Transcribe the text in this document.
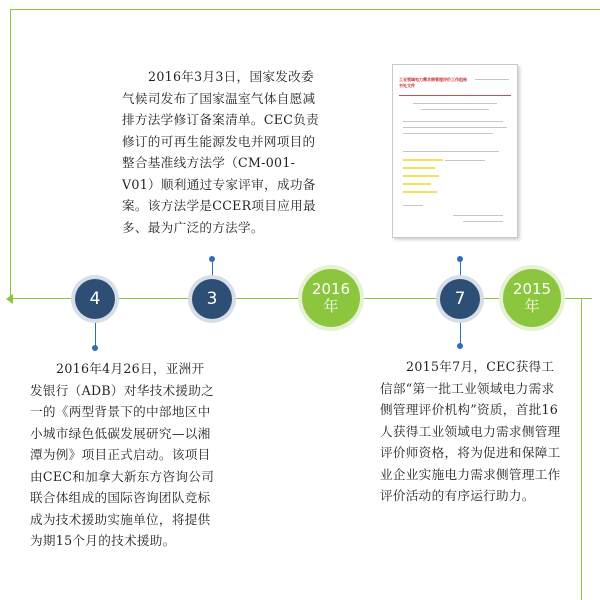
4	3	2016
年	7	2015
年
2016年3月3日，国家发改委气候司发布了国家温室气体自愿减排方法学修订备案清单。CEC负责修订的可再生能源发电并网项目的整合基准线方法学（CM-001-V01）顺利通过专家评审，成功备案。该方法学是CCER项目应用最多、最为广泛的方法学。
2016年4月26日，亚洲开发银行（ADB）对华技术援助之一的《两型背景下的中部地区中小城市绿色低碳发展研究—以湘潭为例》项目正式启动。该项目由CEC和加拿大新东方咨询公司联合体组成的国际咨询团队竞标成为技术援助实施单位，将提供为期15个月的技术援助。
2015年7月，CEC获得工信部“第一批工业领域电力需求侧管理评价机构”资质，首批16人获得工业领域电力需求侧管理评价师资格，将为促进和保障工业企业实施电力需求侧管理工作评价活动的有序运行助力。
工业领域电力需求侧管理评价工作组秘书处文件
